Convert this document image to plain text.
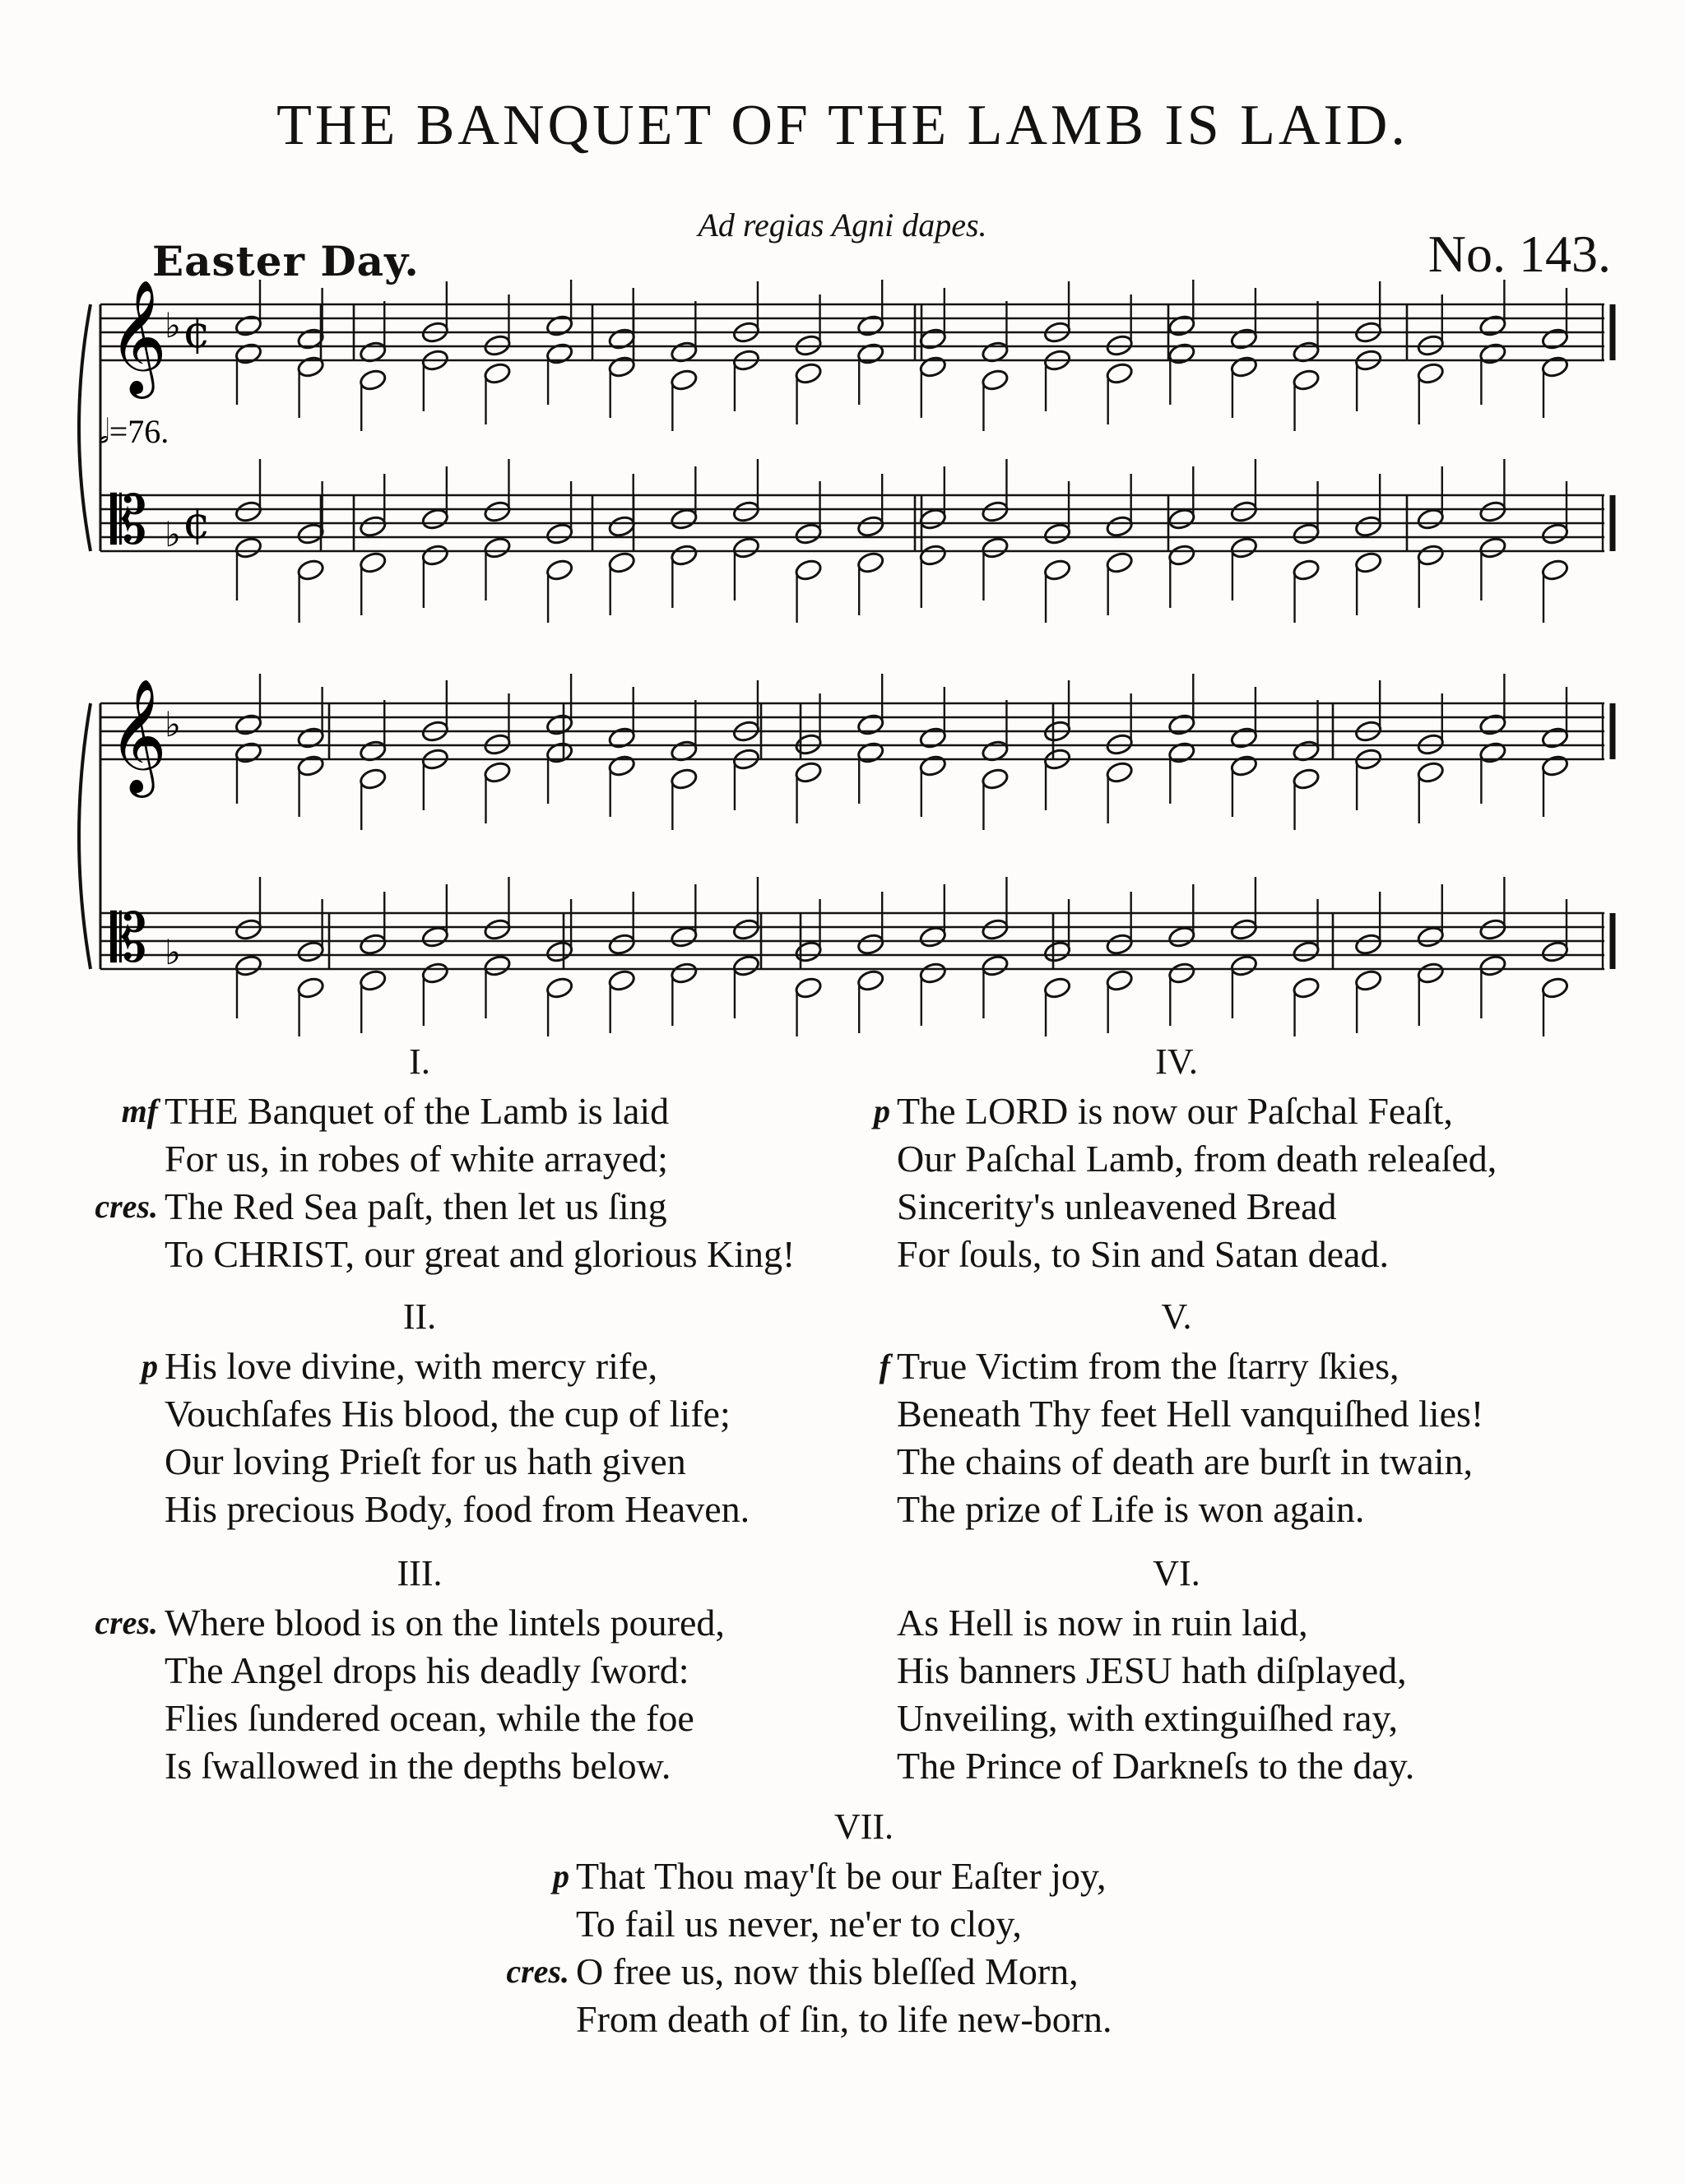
THE BANQUET OF THE LAMB IS LAID.
Ad regias Agni dapes.
Easter Day.	No. 143.
𝄞
𝄡
♭
♭
¢
¢
𝅗𝅥=76.
𝄞
𝄡
♭
♭
I.
mf THE Banquet of the Lamb is laid
For us, in robes of white arrayed;
cres. The Red Sea paſt, then let us ſing
To CHRIST, our great and glorious King!
IV.
p The LORD is now our Paſchal Feaſt,
Our Paſchal Lamb, from death releaſed,
Sincerity's unleavened Bread
For ſouls, to Sin and Satan dead.
II.
p His love divine, with mercy rife,
Vouchſafes His blood, the cup of life;
Our loving Prieſt for us hath given
His precious Body, food from Heaven.
V.
f True Victim from the ſtarry ſkies,
Beneath Thy feet Hell vanquiſhed lies!
The chains of death are burſt in twain,
The prize of Life is won again.
III.
cres. Where blood is on the lintels poured,
The Angel drops his deadly ſword:
Flies ſundered ocean, while the foe
Is ſwallowed in the depths below.
VI.
As Hell is now in ruin laid,
His banners JESU hath diſplayed,
Unveiling, with extinguiſhed ray,
The Prince of Darkneſs to the day.
VII.
p That Thou may'ſt be our Eaſter joy,
To fail us never, ne'er to cloy,
cres. O free us, now this bleſſed Morn,
From death of ſin, to life new-born.
